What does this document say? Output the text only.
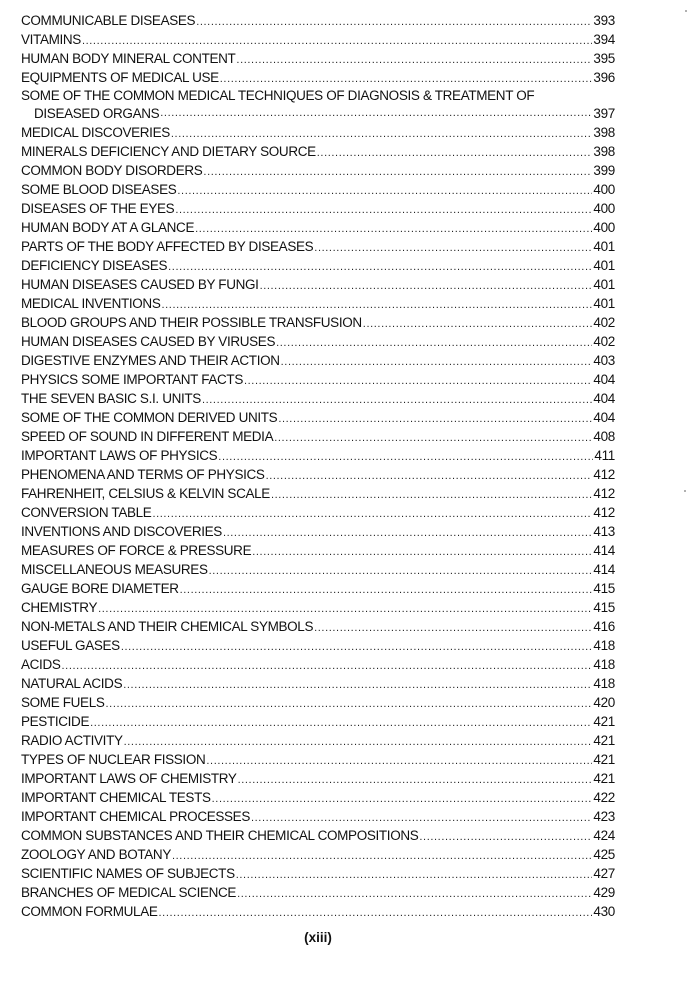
COMMUNICABLE DISEASES .....	393
VITAMINS .....	394
HUMAN BODY MINERAL CONTENT .....	395
EQUIPMENTS OF MEDICAL USE .....	396
SOME OF THE COMMON MEDICAL TECHNIQUES OF DIAGNOSIS & TREATMENT OF
DISEASED ORGANS .....	397
MEDICAL DISCOVERIES .....	398
MINERALS DEFICIENCY AND DIETARY SOURCE .....	398
COMMON BODY DISORDERS .....	399
SOME BLOOD DISEASES .....	400
DISEASES OF THE EYES .....	400
HUMAN BODY AT A GLANCE .....	400
PARTS OF THE BODY AFFECTED BY DISEASES .....	401
DEFICIENCY DISEASES .....	401
HUMAN DISEASES CAUSED BY FUNGI .....	401
MEDICAL INVENTIONS .....	401
BLOOD GROUPS AND THEIR POSSIBLE TRANSFUSION .....	402
HUMAN DISEASES CAUSED BY VIRUSES .....	402
DIGESTIVE ENZYMES AND THEIR ACTION .....	403
PHYSICS SOME IMPORTANT FACTS .....	404
THE SEVEN BASIC S.I. UNITS .....	404
SOME OF THE COMMON DERIVED UNITS .....	404
SPEED OF SOUND IN DIFFERENT MEDIA .....	408
IMPORTANT LAWS OF PHYSICS .....	411
PHENOMENA AND TERMS OF PHYSICS .....	412
FAHRENHEIT, CELSIUS & KELVIN SCALE .....	412
CONVERSION TABLE .....	412
INVENTIONS AND DISCOVERIES .....	413
MEASURES OF FORCE & PRESSURE .....	414
MISCELLANEOUS MEASURES .....	414
GAUGE BORE DIAMETER .....	415
CHEMISTRY .....	415
NON-METALS AND THEIR CHEMICAL SYMBOLS .....	416
USEFUL GASES .....	418
ACIDS .....	418
NATURAL ACIDS .....	418
SOME FUELS .....	420
PESTICIDE .....	421
RADIO ACTIVITY .....	421
TYPES OF NUCLEAR FISSION .....	421
IMPORTANT LAWS OF CHEMISTRY .....	421
IMPORTANT CHEMICAL TESTS .....	422
IMPORTANT CHEMICAL PROCESSES .....	423
COMMON SUBSTANCES AND THEIR CHEMICAL COMPOSITIONS .....	424
ZOOLOGY AND BOTANY .....	425
SCIENTIFIC NAMES OF SUBJECTS .....	427
BRANCHES OF MEDICAL SCIENCE .....	429
COMMON FORMULAE .....	430
(xiii)
